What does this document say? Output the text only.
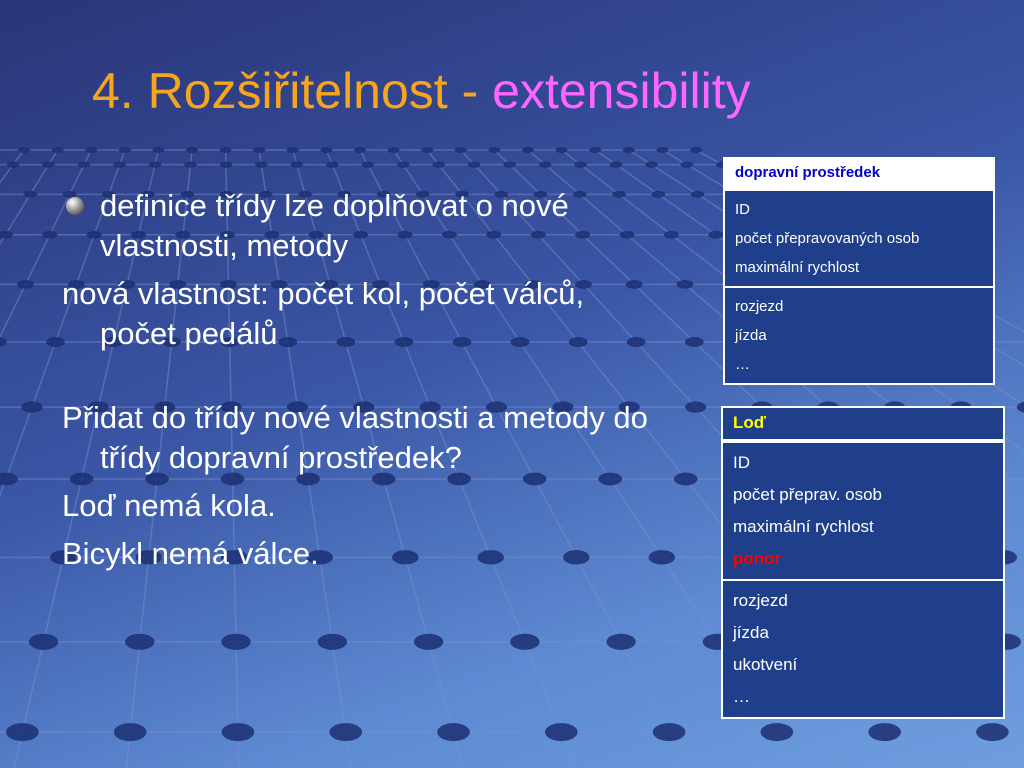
4. Rozšiřitelnost - extensibility
definice třídy lze doplňovat o nové vlastnosti, metody
nová vlastnost: počet kol, počet válců, počet pedálů
Přidat do třídy nové vlastnosti a metody do třídy dopravní prostředek?
Loď nemá kola.
Bicykl nemá válce.
dopravní prostředek
ID
počet přepravovaných osob
maximální rychlost
rozjezd
jízda
…
Loď
ID
počet přeprav. osob
maximální rychlost
ponor
rozjezd
jízda
ukotvení
…
